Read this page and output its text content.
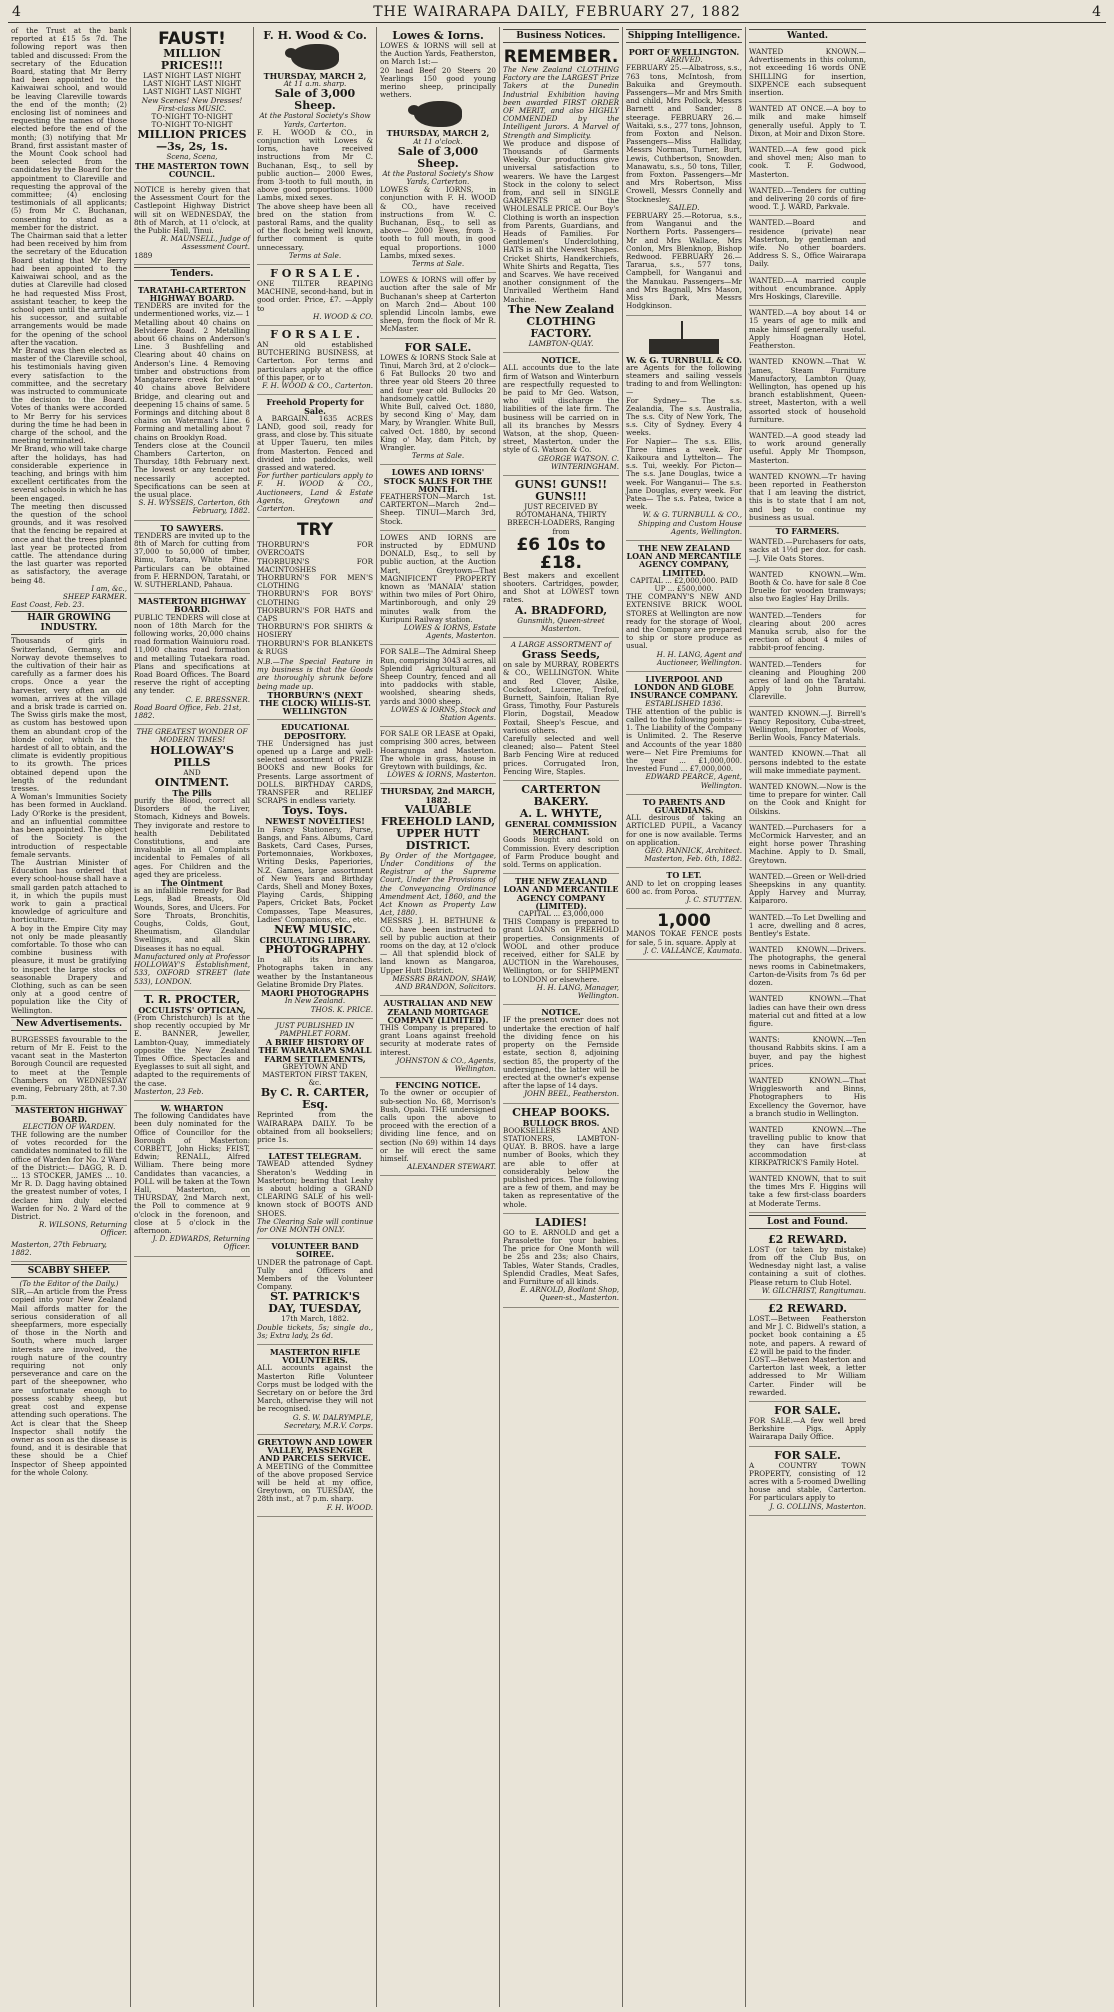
4	THE WAIRARAPA DAILY, FEBRUARY 27, 1882	4
of the Trust at the bank reported at £15 5s 7d. The following report was then tabled and discussed: From the secretary of the Education Board, stating that Mr Berry had been appointed to the Kaiwaiwai school, and would be leaving Clareville towards the end of the month; (2) enclosing list of nominees and requesting the names of those elected before the end of the month; (3) notifying that Mr Brand, first assistant master of the Mount Cook school had been selected from the candidates by the Board for the appointment to Clareville and requesting the approval of the committee; (4) enclosing testimonials of all applicants; (5) from Mr C. Buchanan, consenting to stand as a member for the district.
The Chairman said that a letter had been received by him from the secretary of the Education Board stating that Mr Berry had been appointed to the Kaiwaiwai school, and as the duties at Clareville had closed he had requested Miss Frost, assistant teacher, to keep the school open until the arrival of his successor, and suitable arrangements would be made for the opening of the school after the vacation.
Mr Brand was then elected as master of the Clareville school, his testimonials having given every satisfaction to the committee, and the secretary was instructed to communicate the decision to the Board. Votes of thanks were accorded to Mr Berry for his services during the time he had been in charge of the school, and the meeting terminated.
Mr Brand, who will take charge after the holidays, has had considerable experience in teaching, and brings with him excellent certificates from the several schools in which he has been engaged.
The meeting then discussed the question of the school grounds, and it was resolved that the fencing be repaired at once and that the trees planted last year be protected from cattle. The attendance during the last quarter was reported as satisfactory, the average being 48.
I am, &c.,
SHEEP FARMER.
East Coast, Feb. 23.
HAIR GROWING INDUSTRY.
Thousands of girls in Switzerland, Germany, and Norway devote themselves to the cultivation of their hair as carefully as a farmer does his crops. Once a year the harvester, very often an old woman, arrives at the village and a brisk trade is carried on. The Swiss girls make the most, as custom has bestowed upon them an abundant crop of the blonde color, which is the hardest of all to obtain, and the climate is evidently propitious to its growth. The prices obtained depend upon the length of the redundant tresses.
A Woman's Immunities Society has been formed in Auckland. Lady O'Rorke is the president, and an influential committee has been appointed. The object of the Society is the introduction of respectable female servants.
The Austrian Minister of Education has ordered that every school-house shall have a small garden patch attached to it, in which the pupils must work to gain a practical knowledge of agriculture and horticulture.
A boy in the Empire City may not only be made pleasantly comfortable. To those who can combine business with pleasure, it must be gratifying to inspect the large stocks of seasonable Drapery and Clothing, such as can be seen only at a good centre of population like the City of Wellington.
New Advertisements.
BURGESSES favourable to the return of Mr E. Feist to the vacant seat in the Masterton Borough Council are requested to meet at the Temple Chambers on WEDNESDAY evening, February 28th, at 7.30 p.m.
MASTERTON HIGHWAY BOARD.
ELECTION OF WARDEN.
THE following are the number of votes recorded for the candidates nominated to fill the office of Warden for No. 2 Ward of the District:— DAGG, R. D. ... 13 STOCKER, JAMES ... 10. Mr R. D. Dagg having obtained the greatest number of votes, I declare him duly elected Warden for No. 2 Ward of the District.
R. WILSONS, Returning Officer.
Masterton, 27th February, 1882.
SCABBY SHEEP.
(To the Editor of the Daily.)
SIR,—An article from the Press copied into your New Zealand Mail affords matter for the serious consideration of all sheepfarmers, more especially of those in the North and South, where much larger interests are involved, the rough nature of the country requiring not only perseverance and care on the part of the sheepowner, who are unfortunate enough to possess scabby sheep, but great cost and expense attending such operations. The Act is clear that the Sheep Inspector shall notify the owner as soon as the disease is found, and it is desirable that these should be a Chief Inspector of Sheep appointed for the whole Colony.
FAUST!
MILLION PRICES!!!
LAST NIGHT LAST NIGHT
LAST NIGHT LAST NIGHT
LAST NIGHT LAST NIGHT
New Scenes! New Dresses! First-class MUSIC.
TO-NIGHT TO-NIGHT
TO-NIGHT TO-NIGHT
MILLION PRICES—3s, 2s, 1s.
Scena, Scena,
THE MASTERTON TOWN COUNCIL.
NOTICE is hereby given that the Assessment Court for the Castlepoint Highway District will sit on WEDNESDAY, the 8th of March, at 11 o'clock, at the Public Hall, Tinui.
R. MAUNSELL, Judge of Assessment Court.
1889
Tenders.
TARATAHI-CARTERTON HIGHWAY BOARD.
TENDERS are invited for the undermentioned works, viz.— 1 Metalling about 40 chains on Belvidere Road. 2 Metalling about 66 chains on Anderson's Line. 3 Bushfelling and Clearing about 40 chains on Anderson's Line. 4 Removing timber and obstructions from Mangatarere creek for about 40 chains above Belvidere Bridge, and clearing out and deepening 15 chains of same. 5 Formings and ditching about 8 chains on Waterman's Line. 6 Forming and metalling about 7 chains on Brooklyn Road.
Tenders close at the Council Chambers Carterton, on Thursday, 18th February next. The lowest or any tender not necessarily accepted. Specifications can be seen at the usual place.
S. H. WYSSEIS, Carterton, 6th February, 1882.
TO SAWYERS.
TENDERS are invited up to the 8th of March for cutting from 37,000 to 50,000 of timber, Rimu, Totara, White Pine. Particulars can be obtained from F. HERNDON, Taratahi, or W. SUTHERLAND, Pahaua.
MASTERTON HIGHWAY BOARD.
PUBLIC TENDERS will close at noon of 18th March for the following works, 20,000 chains road formation Wainuioru road. 11,000 chains road formation and metalling Tutaekara road. Plans and specifications at Road Board Offices. The Board reserve the right of accepting any tender.
C. E. BRESSNER.
Road Board Office, Feb. 21st, 1882.
THE GREATEST WONDER OF MODERN TIMES!
HOLLOWAY'S PILLS
AND
OINTMENT.
The Pills
purify the Blood, correct all Disorders of the Liver, Stomach, Kidneys and Bowels. They invigorate and restore to health Debilitated Constitutions, and are invaluable in all Complaints incidental to Females of all ages. For Children and the aged they are priceless.
The Ointment
is an infallible remedy for Bad Legs, Bad Breasts, Old Wounds, Sores, and Ulcers. For Sore Throats, Bronchitis, Coughs, Colds, Gout, Rheumatism, Glandular Swellings, and all Skin Diseases it has no equal.
Manufactured only at Professor HOLLOWAY'S Establishment, 533, OXFORD STREET (late 533), LONDON.
T. R. PROCTER,
OCCULISTS' OPTICIAN,
(From Christchurch) Is at the shop recently occupied by Mr E. BANNER, Jeweller, Lambton-Quay, immediately opposite the New Zealand Times Office. Spectacles and Eyeglasses to suit all sight, and adapted to the requirements of the case.
Masterton, 23 Feb.
W. WHARTON
The following Candidates have been duly nominated for the Office of Councillor for the Borough of Masterton: CORBETT, John Hicks; FEIST, Edwin; RENALL, Alfred William. There being more Candidates than vacancies, a POLL will be taken at the Town Hall, Masterton, on THURSDAY, 2nd March next, the Poll to commence at 9 o'clock in the forenoon, and close at 5 o'clock in the afternoon.
J. D. EDWARDS, Returning Officer.
F. H. Wood & Co.
THURSDAY, MARCH 2,
At 11 a.m. sharp.
Sale of 3,000 Sheep.
At the Pastoral Society's Show Yards, Carterton.
F. H. WOOD & CO., in conjunction with Lowes & Iorns, have received instructions from Mr C. Buchanan, Esq., to sell by public auction— 2000 Ewes, from 3-tooth to full mouth, in above good proportions. 1000 Lambs, mixed sexes.
The above sheep have been all bred on the station from pastoral Rams, and the quality of the flock being well known, further comment is quite unnecessary.
Terms at Sale.
F O R S A L E .
ONE TILTER REAPING MACHINE, second-hand, but in good order. Price, £7. —Apply to
H. WOOD & CO.
F O R S A L E .
AN old established BUTCHERING BUSINESS, at Carterton. For terms and particulars apply at the office of this paper, or to
F. H. WOOD & CO., Carterton.
Freehold Property for Sale.
A BARGAIN. 1635 ACRES LAND, good soil, ready for grass, and close by. This situate at Upper Taueru, ten miles from Masterton. Fenced and divided into paddocks, well grassed and watered.
For further particulars apply to F. H. WOOD & CO., Auctioneers, Land & Estate Agents, Greytown and Carterton.
TRY
THORBURN'S FOR OVERCOATS
THORBURN'S FOR MACINTOSHES
THORBURN'S FOR MEN'S CLOTHING
THORBURN'S FOR BOYS' CLOTHING
THORBURN'S FOR HATS and CAPS
THORBURN'S FOR SHIRTS & HOSIERY
THORBURN'S FOR BLANKETS & RUGS
N.B.—The Special Feature in my business is that the Goods are thoroughly shrunk before being made up.
THORBURN'S (NEXT THE CLOCK) WILLIS-ST. WELLINGTON
EDUCATIONAL DEPOSITORY.
THE Undersigned has just opened up a Large and well-selected assortment of PRIZE BOOKS and new Books for Presents. Large assortment of DOLLS. BIRTHDAY CARDS, TRANSFER and RELIEF SCRAPS in endless variety.
Toys. Toys.
NEWEST NOVELTIES!
In Fancy Stationery, Purse, Bangs, and Fans. Albums, Card Baskets, Card Cases, Purses, Portemonnaies, Workboxes, Writing Desks, Paperiories, N.Z. Games, large assortment of New Years and Birthday Cards, Shell and Money Boxes, Playing Cards, Shipping Papers, Cricket Bats, Pocket Compasses, Tape Measures, Ladies' Companions, etc., etc.
NEW MUSIC.
CIRCULATING LIBRARY.
PHOTOGRAPHY
In all its branches. Photographs taken in any weather by the Instantaneous Gelatine Bromide Dry Plates.
MAORI PHOTOGRAPHS
In New Zealand.
THOS. K. PRICE.
JUST PUBLISHED IN PAMPHLET FORM.
A BRIEF HISTORY OF THE WAIRARAPA SMALL FARM SETTLEMENTS,
GREYTOWN AND MASTERTON FIRST TAKEN, &c.
By C. R. CARTER, Esq.
Reprinted from the WAIRARAPA DAILY. To be obtained from all booksellers; price 1s.
LATEST TELEGRAM.
TAWEAD attended Sydney Sheraton's Wedding in Masterton; bearing that Leahy is about holding a GRAND CLEARING SALE of his well-known stock of BOOTS AND SHOES.
The Clearing Sale will continue for ONE MONTH ONLY.
VOLUNTEER BAND SOIREE.
UNDER the patronage of Capt. Tully and Officers and Members of the Volunteer Company.
ST. PATRICK'S DAY, TUESDAY,
17th March, 1882.
Double tickets, 5s; single do., 3s; Extra lady, 2s 6d.
MASTERTON RIFLE VOLUNTEERS.
ALL accounts against the Masterton Rifle Volunteer Corps must be lodged with the Secretary on or before the 3rd March, otherwise they will not be recognised.
G. S. W. DALRYMPLE, Secretary, M.R.V. Corps.
GREYTOWN AND LOWER VALLEY, PASSENGER AND PARCELS SERVICE.
A MEETING of the Committee of the above proposed Service will be held at my office, Greytown, on TUESDAY, the 28th inst., at 7 p.m. sharp.
F. H. WOOD.
Lowes & Iorns.
LOWES & IORNS will sell at the Auction Yards, Featherston, on March 1st:—
20 head Beef 20 Steers 20 Yearlings 150 good young merino sheep, principally wethers.
THURSDAY, MARCH 2,
At 11 o'clock.
Sale of 3,000 Sheep.
At the Pastoral Society's Show Yards, Carterton.
LOWES & IORNS, in conjunction with F. H. WOOD & CO., have received instructions from W. C. Buchanan, Esq., to sell as above— 2000 Ewes, from 3-tooth to full mouth, in good equal proportions. 1000 Lambs, mixed sexes.
Terms at Sale.
LOWES & IORNS will offer by auction after the sale of Mr Buchanan's sheep at Carterton on March 2nd— About 100 splendid Lincoln lambs, ewe sheep, from the flock of Mr R. McMaster.
FOR SALE.
LOWES & IORNS Stock Sale at Tinui, March 3rd, at 2 o'clock— 6 Fat Bullocks 20 two and three year old Steers 20 three and four year old Bullocks 20 handsomely cattle.
White Bull, calved Oct. 1880, by second King o' May, dam Mary, by Wrangler. White Bull, calved Oct. 1880, by second King o' May, dam Pitch, by Wrangler.
Terms at Sale.
LOWES AND IORNS' STOCK SALES FOR THE MONTH.
FEATHERSTON—March 1st. CARTERTON—March 2nd—Sheep. TINUI—March 3rd, Stock.
LOWES AND IORNS are instructed by EDMUND DONALD, Esq., to sell by public auction, at the Auction Mart, Greytown—That MAGNIFICENT PROPERTY known as 'MANAIA' station within two miles of Port Ohiro, Martinborough, and only 29 minutes walk from the Kuripuni Railway station.
LOWES & IORNS, Estate Agents, Masterton.
FOR SALE—The Admiral Sheep Run, comprising 3043 acres, all Splendid Agricultural and Sheep Country, fenced and all into paddocks with stable, woolshed, shearing sheds, yards and 3000 sheep.
LOWES & IORNS, Stock and Station Agents.
FOR SALE OR LEASE at Opaki, comprising 300 acres, between Hoaragunga and Masterton. The whole in grass, house in Greytown with buildings, &c.
LOWES & IORNS, Masterton.
THURSDAY, 2nd MARCH, 1882.
VALUABLE FREEHOLD LAND, UPPER HUTT DISTRICT.
By Order of the Mortgagee, Under Conditions of the Registrar of the Supreme Court, Under the Provisions of the Conveyancing Ordinance Amendment Act, 1860, and the Act Known as Property Law Act, 1880.
MESSRS J. H. BETHUNE & CO. have been instructed to sell by public auction at their rooms on the day, at 12 o'clock— All that splendid block of land known as Mangaroa, Upper Hutt District.
MESSRS BRANDON, SHAW, AND BRANDON, Solicitors.
AUSTRALIAN AND NEW ZEALAND MORTGAGE COMPANY (LIMITED).
THIS Company is prepared to grant Loans against freehold security at moderate rates of interest.
JOHNSTON & CO., Agents, Wellington.
FENCING NOTICE.
To the owner or occupier of sub-section No. 68, Morrison's Bush, Opaki. THE undersigned calls upon the above to proceed with the erection of a dividing line fence, and on section (No 69) within 14 days or he will erect the same himself.
ALEXANDER STEWART.
Business Notices.
REMEMBER.
The New Zealand CLOTHING Factory are the LARGEST Prize Takers at the Dunedin Industrial Exhibition having been awarded FIRST ORDER OF MERIT, and also HIGHLY COMMENDED by the Intelligent Jurors. A Marvel of Strength and Simplicity.
We produce and dispose of Thousands of Garments Weekly. Our productions give universal satisfaction to wearers. We have the Largest Stock in the colony to select from, and sell in SINGLE GARMENTS at the WHOLESALE PRICE. Our Boy's Clothing is worth an inspection from Parents, Guardians, and Heads of Families. For Gentlemen's Underclothing, HATS is all the Newest Shapes. Cricket Shirts, Handkerchiefs, White Shirts and Regatta, Ties and Scarves. We have received another consignment of the Unrivalled Wertheim Hand Machine.
The New Zealand CLOTHING FACTORY.
LAMBTON-QUAY.
NOTICE.
ALL accounts due to the late firm of Watson and Winterburn are respectfully requested to be paid to Mr Geo. Watson, who will discharge the liabilities of the late firm. The business will be carried on in all its branches by Messrs Watson, at the shop, Queen-street, Masterton, under the style of G. Watson & Co.
GEORGE WATSON. C. WINTERINGHAM.
GUNS! GUNS!! GUNS!!!
JUST RECEIVED BY ROTOMAHANA, THIRTY BREECH-LOADERS, Ranging from
£6 10s to £18.
Best makers and excellent shooters. Cartridges, powder, and Shot at LOWEST town rates.
A. BRADFORD,
Gunsmith, Queen-street Masterton.
A LARGE ASSORTMENT of
Grass Seeds,
on sale by MURRAY, ROBERTS & CO., WELLINGTON. White and Red Clover, Alsike, Cocksfoot, Lucerne, Trefoil, Burnett, Sainfoin, Italian Rye Grass, Timothy, Four Pasturels Florin, Dogstail, Meadow Foxtail, Sheep's Fescue, and various others.
Carefully selected and well cleaned; also— Patent Steel Barb Fencing Wire at reduced prices. Corrugated Iron, Fencing Wire, Staples.
CARTERTON BAKERY.
A. L. WHYTE,
GENERAL COMMISSION MERCHANT.
Goods Bought and sold on Commission. Every description of Farm Produce bought and sold. Terms on application.
THE NEW ZEALAND LOAN AND MERCANTILE AGENCY COMPANY (LIMITED).
CAPITAL ... £3,000,000
THIS Company is prepared to grant LOANS on FREEHOLD properties. Consignments of WOOL and other produce received, either for SALE by AUCTION in the Warehouses, Wellington, or for SHIPMENT to LONDON or elsewhere.
H. H. LANG, Manager, Wellington.
NOTICE.
IF the present owner does not undertake the erection of half the dividing fence on his property on the Fernside estate, section 8, adjoining section 85, the property of the undersigned, the latter will be erected at the owner's expense after the lapse of 14 days.
JOHN BEEL, Featherston.
CHEAP BOOKS.
BULLOCK BROS.
BOOKSELLERS AND STATIONERS, LAMBTON-QUAY. B. BROS. have a large number of Books, which they are able to offer at considerably below the published prices. The following are a few of them, and may be taken as representative of the whole.
LADIES!
GO to E. ARNOLD and get a Parasolette for your babies. The price for One Month will be 25s and 23s; also Chairs, Tables, Water Stands, Cradles, Splendid Cradles, Meat Safes, and Furniture of all kinds.
E. ARNOLD, Bodlant Shop, Queen-st., Masterton.
Shipping Intelligence.
PORT OF WELLINGTON.
ARRIVED.
FEBRUARY 25.—Albatross, s.s., 763 tons, McIntosh, from Bakuika and Greymouth. Passengers—Mr and Mrs Smith and child, Mrs Pollock, Messrs Barnett and Sander; 8 steerage. FEBRUARY 26.—Waitaki, s.s., 277 tons, Johnson, from Foxton and Nelson. Passengers—Miss Halliday, Messrs Norman, Turner, Burt, Lewis, Cuthbertson, Snowden. Manawatu, s.s., 50 tons, Tiller, from Foxton. Passengers—Mr and Mrs Robertson, Miss Crowell, Messrs Connelly and Stocknesley.
SAILED.
FEBRUARY 25.—Rotorua, s.s., from Wanganui and the Northern Ports. Passengers—Mr and Mrs Wallace, Mrs Conlon, Mrs Blenknop, Bishop Redwood. FEBRUARY 26.—Tararua, s.s., 577 tons, Campbell, for Wanganui and the Manukau. Passengers—Mr and Mrs Bagnall, Mrs Mason, Miss Dark, Messrs Hodgkinson.
W. & G. TURNBULL & CO.
are Agents for the following steamers and sailing vessels trading to and from Wellington:—
For Sydney— The s.s. Zealandia, The s.s. Australia, The s.s. City of New York, The s.s. City of Sydney. Every 4 weeks.
For Napier— The s.s. Ellis, Three times a week. For Kaikoura and Lyttelton— The s.s. Tui, weekly. For Picton— The s.s. Jane Douglas, twice a week. For Wanganui— The s.s. Jane Douglas, every week. For Patea— The s.s. Patea, twice a week.
W. & G. TURNBULL & CO., Shipping and Custom House Agents, Wellington.
THE NEW ZEALAND LOAN AND MERCANTILE AGENCY COMPANY, LIMITED.
CAPITAL ... £2,000,000. PAID UP ... £500,000.
THE COMPANY'S NEW AND EXTENSIVE BRICK WOOL STORES at Wellington are now ready for the storage of Wool, and the Company are prepared to ship or store produce as usual.
H. H. LANG, Agent and Auctioneer, Wellington.
LIVERPOOL AND LONDON AND GLOBE INSURANCE COMPANY.
ESTABLISHED 1836.
THE attention of the public is called to the following points:— 1. The Liability of the Company is Unlimited. 2. The Reserve and Accounts of the year 1880 were— Net Fire Premiums for the year ... £1,000,000. Invested Fund ... £7,000,000.
EDWARD PEARCE, Agent, Wellington.
TO PARENTS AND GUARDIANS.
ALL desirous of taking an ARTICLED PUPIL, a Vacancy for one is now available. Terms on application.
GEO. PANNICK, Architect. Masterton, Feb. 6th, 1882.
TO LET.
AND to let on cropping leases 600 ac. from Poroa.
J. C. STUTTEN.
1,000
MANOS TOKAE FENCE posts for sale, 5 in. square. Apply at
J. C. VALLANCE, Kaumata.
Wanted.
WANTED KNOWN.—Advertisements in this column, not exceeding 16 words ONE SHILLING for insertion, SIXPENCE each subsequent insertion.
WANTED AT ONCE.—A boy to milk and make himself generally useful. Apply to T. Dixon, at Moir and Dixon Store.
WANTED.—A few good pick and shovel men; Also man to cook. T. F. Godwood, Masterton.
WANTED.—Tenders for cutting and delivering 20 cords of fire-wood. T. J. WARD, Parkvale.
WANTED.—Board and residence (private) near Masterton, by gentleman and wife. No other boarders. Address S. S., Office Wairarapa Daily.
WANTED.—A married couple without encumbrance. Apply Mrs Hoskings, Clareville.
WANTED.—A boy about 14 or 15 years of age to milk and make himself generally useful. Apply Hoagnan Hotel, Featherston.
WANTED KNOWN.—That W. James, Steam Furniture Manufactory, Lambton Quay, Wellington, has opened up his branch establishment, Queen-street, Masterton, with a well assorted stock of household furniture.
WANTED.—A good steady lad to work around generally useful. Apply Mr Thompson, Masterton.
WANTED KNOWN.—Tr having been reported in Featherston that I am leaving the district, this is to state that I am not, and beg to continue my business as usual.
TO FARMERS.
WANTED.—Purchasers for oats, sacks at 1½d per doz. for cash.—J. Vile Oats Stores.
WANTED KNOWN.—Wm. Booth & Co. have for sale 8 Coe Druelie for wooden tramways; also two Eagles' Hay Drills.
WANTED.—Tenders for clearing about 200 acres Manuka scrub, also for the erection of about 4 miles of rabbit-proof fencing.
WANTED.—Tenders for cleaning and Ploughing 200 acres of land on the Taratahi. Apply to John Burrow, Clareville.
WANTED KNOWN.—J. Birrell's Fancy Repository, Cuba-street, Wellington, Importer of Wools, Berlin Wools, Fancy Materials.
WANTED KNOWN.—That all persons indebted to the estate will make immediate payment.
WANTED KNOWN.—Now is the time to prepare for winter. Call on the Cook and Knight for Oilskins.
WANTED.—Purchasers for a McCormick Harvester, and an eight horse power Thrashing Machine. Apply to D. Small, Greytown.
WANTED.—Green or Well-dried Sheepskins in any quantity. Apply Harvey and Murray, Kaiparoro.
WANTED.—To Let Dwelling and 1 acre, dwelling and 8 acres, Bentley's Estate.
WANTED KNOWN.—Drivers. The photographs, the general news rooms in Cabinetmakers, Carton-de-Visits from 7s 6d per dozen.
WANTED KNOWN.—That ladies can have their own dress material cut and fitted at a low figure.
WANTS: KNOWN.—Ten thousand Rabbits skins. I am a buyer, and pay the highest prices.
WANTED KNOWN.—That Wrigglesworth and Binns, Photographers to His Excellency the Governor, have a branch studio in Wellington.
WANTED KNOWN.—The travelling public to know that they can have first-class accommodation at KIRKPATRICK'S Family Hotel.
WANTED KNOWN, that to suit the times Mrs F. Higgins will take a few first-class boarders at Moderate Terms.
Lost and Found.
£2 REWARD.
LOST (or taken by mistake) from off the Club Bus, on Wednesday night last, a valise containing a suit of clothes. Please return to Club Hotel.
W. GILCHRIST, Rangitumau.
£2 REWARD.
LOST.—Between Featherston and Mr J. C. Bidwell's station, a pocket book containing a £5 note, and papers. A reward of £2 will be paid to the finder.
LOST.—Between Masterton and Carterton last week, a letter addressed to Mr William Carter. Finder will be rewarded.
FOR SALE.
FOR SALE.—A few well bred Berkshire Pigs. Apply Wairarapa Daily Office.
FOR SALE.
A COUNTRY TOWN PROPERTY, consisting of 12 acres with a 5-roomed Dwelling house and stable, Carterton. For particulars apply to
J. G. COLLINS, Masterton.
